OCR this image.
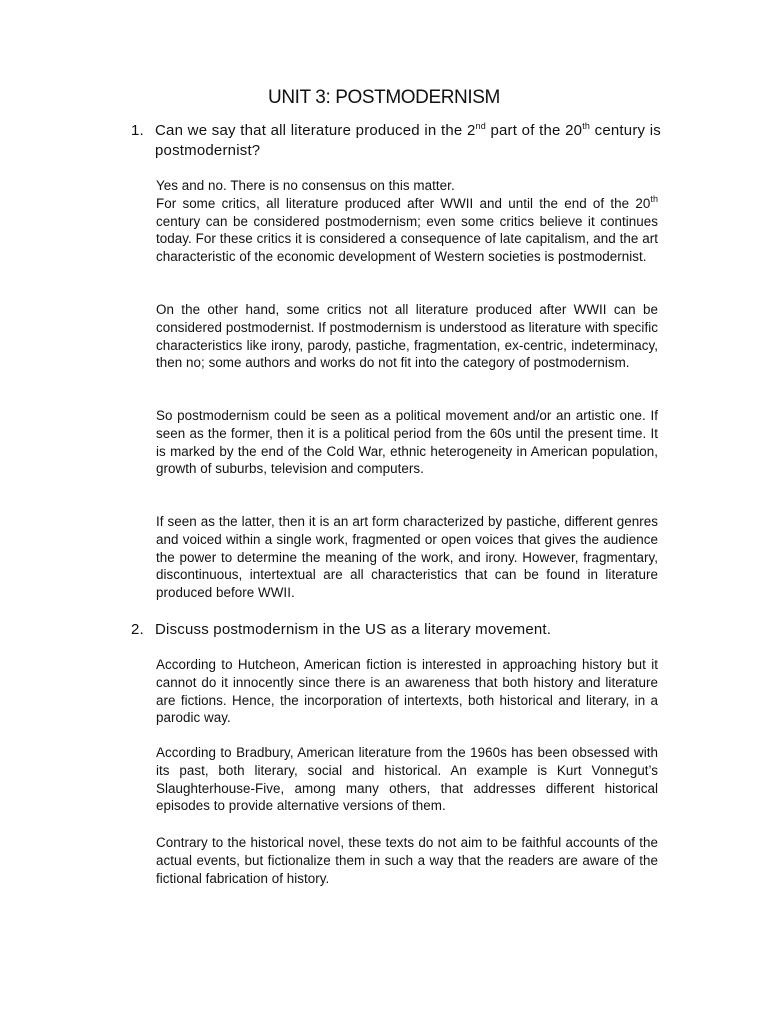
UNIT 3: POSTMODERNISM
1. Can we say that all literature produced in the 2nd part of the 20th century is postmodernist?
Yes and no. There is no consensus on this matter.
For some critics, all literature produced after WWII and until the end of the 20th century can be considered postmodernism; even some critics believe it continues today. For these critics it is considered a consequence of late capitalism, and the art characteristic of the economic development of Western societies is postmodernist.
On the other hand, some critics not all literature produced after WWII can be considered postmodernist. If postmodernism is understood as literature with specific characteristics like irony, parody, pastiche, fragmentation, ex-centric, indeterminacy, then no; some authors and works do not fit into the category of postmodernism.
So postmodernism could be seen as a political movement and/or an artistic one. If seen as the former, then it is a political period from the 60s until the present time. It is marked by the end of the Cold War, ethnic heterogeneity in American population, growth of suburbs, television and computers.
If seen as the latter, then it is an art form characterized by pastiche, different genres and voiced within a single work, fragmented or open voices that gives the audience the power to determine the meaning of the work, and irony. However, fragmentary, discontinuous, intertextual are all characteristics that can be found in literature produced before WWII.
2. Discuss postmodernism in the US as a literary movement.
According to Hutcheon, American fiction is interested in approaching history but it cannot do it innocently since there is an awareness that both history and literature are fictions. Hence, the incorporation of intertexts, both historical and literary, in a parodic way.
According to Bradbury, American literature from the 1960s has been obsessed with its past, both literary, social and historical. An example is Kurt Vonnegut’s Slaughterhouse-Five, among many others, that addresses different historical episodes to provide alternative versions of them.
Contrary to the historical novel, these texts do not aim to be faithful accounts of the actual events, but fictionalize them in such a way that the readers are aware of the fictional fabrication of history.
